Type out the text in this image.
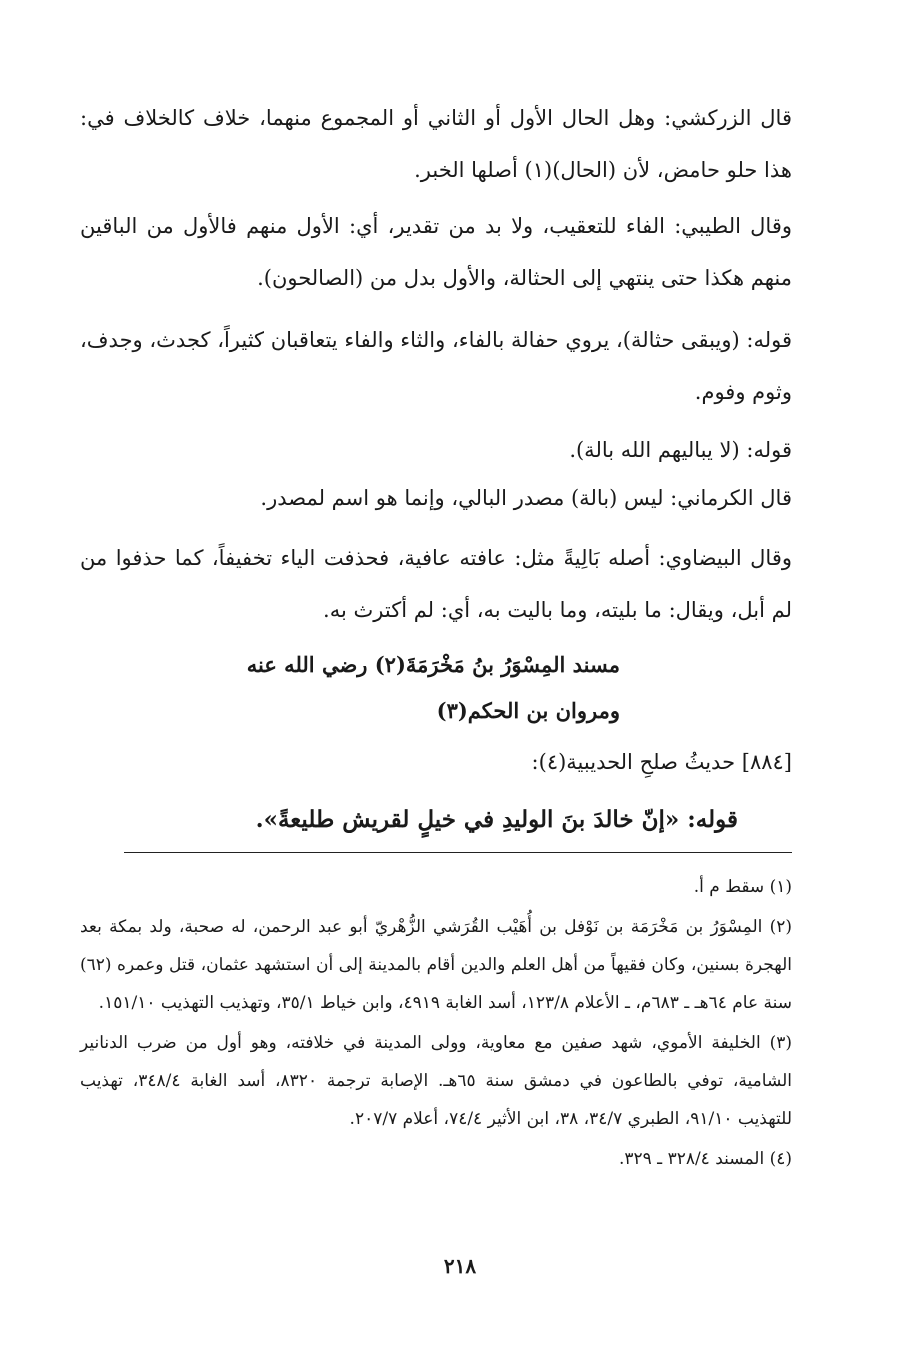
قال الزركشي: وهل الحال الأول أو الثاني أو المجموع منهما، خلاف كالخلاف في: هذا حلو حامض، لأن (الحال)(١) أصلها الخبر.

وقال الطيبي: الفاء للتعقيب، ولا بد من تقدير، أي: الأول منهم فالأول من الباقين منهم هكذا حتى ينتهي إلى الحثالة، والأول بدل من (الصالحون).

قوله: (ويبقى حثالة)، يروي حفالة بالفاء، والثاء والفاء يتعاقبان كثيراً، كجدث، وجدف، وثوم وفوم.

قوله: (لا يباليهم الله بالة).

قال الكرماني: ليس (بالة) مصدر البالي، وإنما هو اسم لمصدر.

وقال البيضاوي: أصله بَالِيةً مثل: عافته عافية، فحذفت الياء تخفيفاً، كما حذفوا من لم أبل، ويقال: ما بليته، وما باليت به، أي: لم أكترث به.

مسند المِسْوَرُ بنُ مَخْرَمَةَ(٢) رضي الله عنه

ومروان بن الحكم(٣)

[٨٨٤] حديثُ صلحِ الحديبية(٤):

قوله: «إنّ خالدَ بنَ الوليدِ في خيلٍ لقريش طليعةً».

(١) سقط م أ.

(٢) المِسْوَرُ بن مَخْرَمَة بن نَوْفل بن أُهَيْب القُرَشي الزُّهْريّ أبو عبد الرحمن، له صحبة، ولد بمكة بعد الهجرة بسنين، وكان فقيهاً من أهل العلم والدين أقام بالمدينة إلى أن استشهد عثمان، قتل وعمره (٦٢) سنة عام ٦٤هـ ـ ٦٨٣م، ـ الأعلام ١٢٣/٨، أسد الغابة ٤٩١٩، وابن خياط ٣٥/١، وتهذيب التهذيب ١٥١/١٠.

(٣) الخليفة الأموي، شهد صفين مع معاوية، وولى المدينة في خلافته، وهو أول من ضرب الدنانير الشامية، توفي بالطاعون في دمشق سنة ٦٥هـ. الإصابة ترجمة ٨٣٢٠، أسد الغابة ٣٤٨/٤، تهذيب للتهذيب ٩١/١٠، الطبري ٣٤/٧، ٣٨، ابن الأثير ٧٤/٤، أعلام ٢٠٧/٧.

(٤) المسند ٣٢٨/٤ ـ ٣٢٩.

٢١٨
